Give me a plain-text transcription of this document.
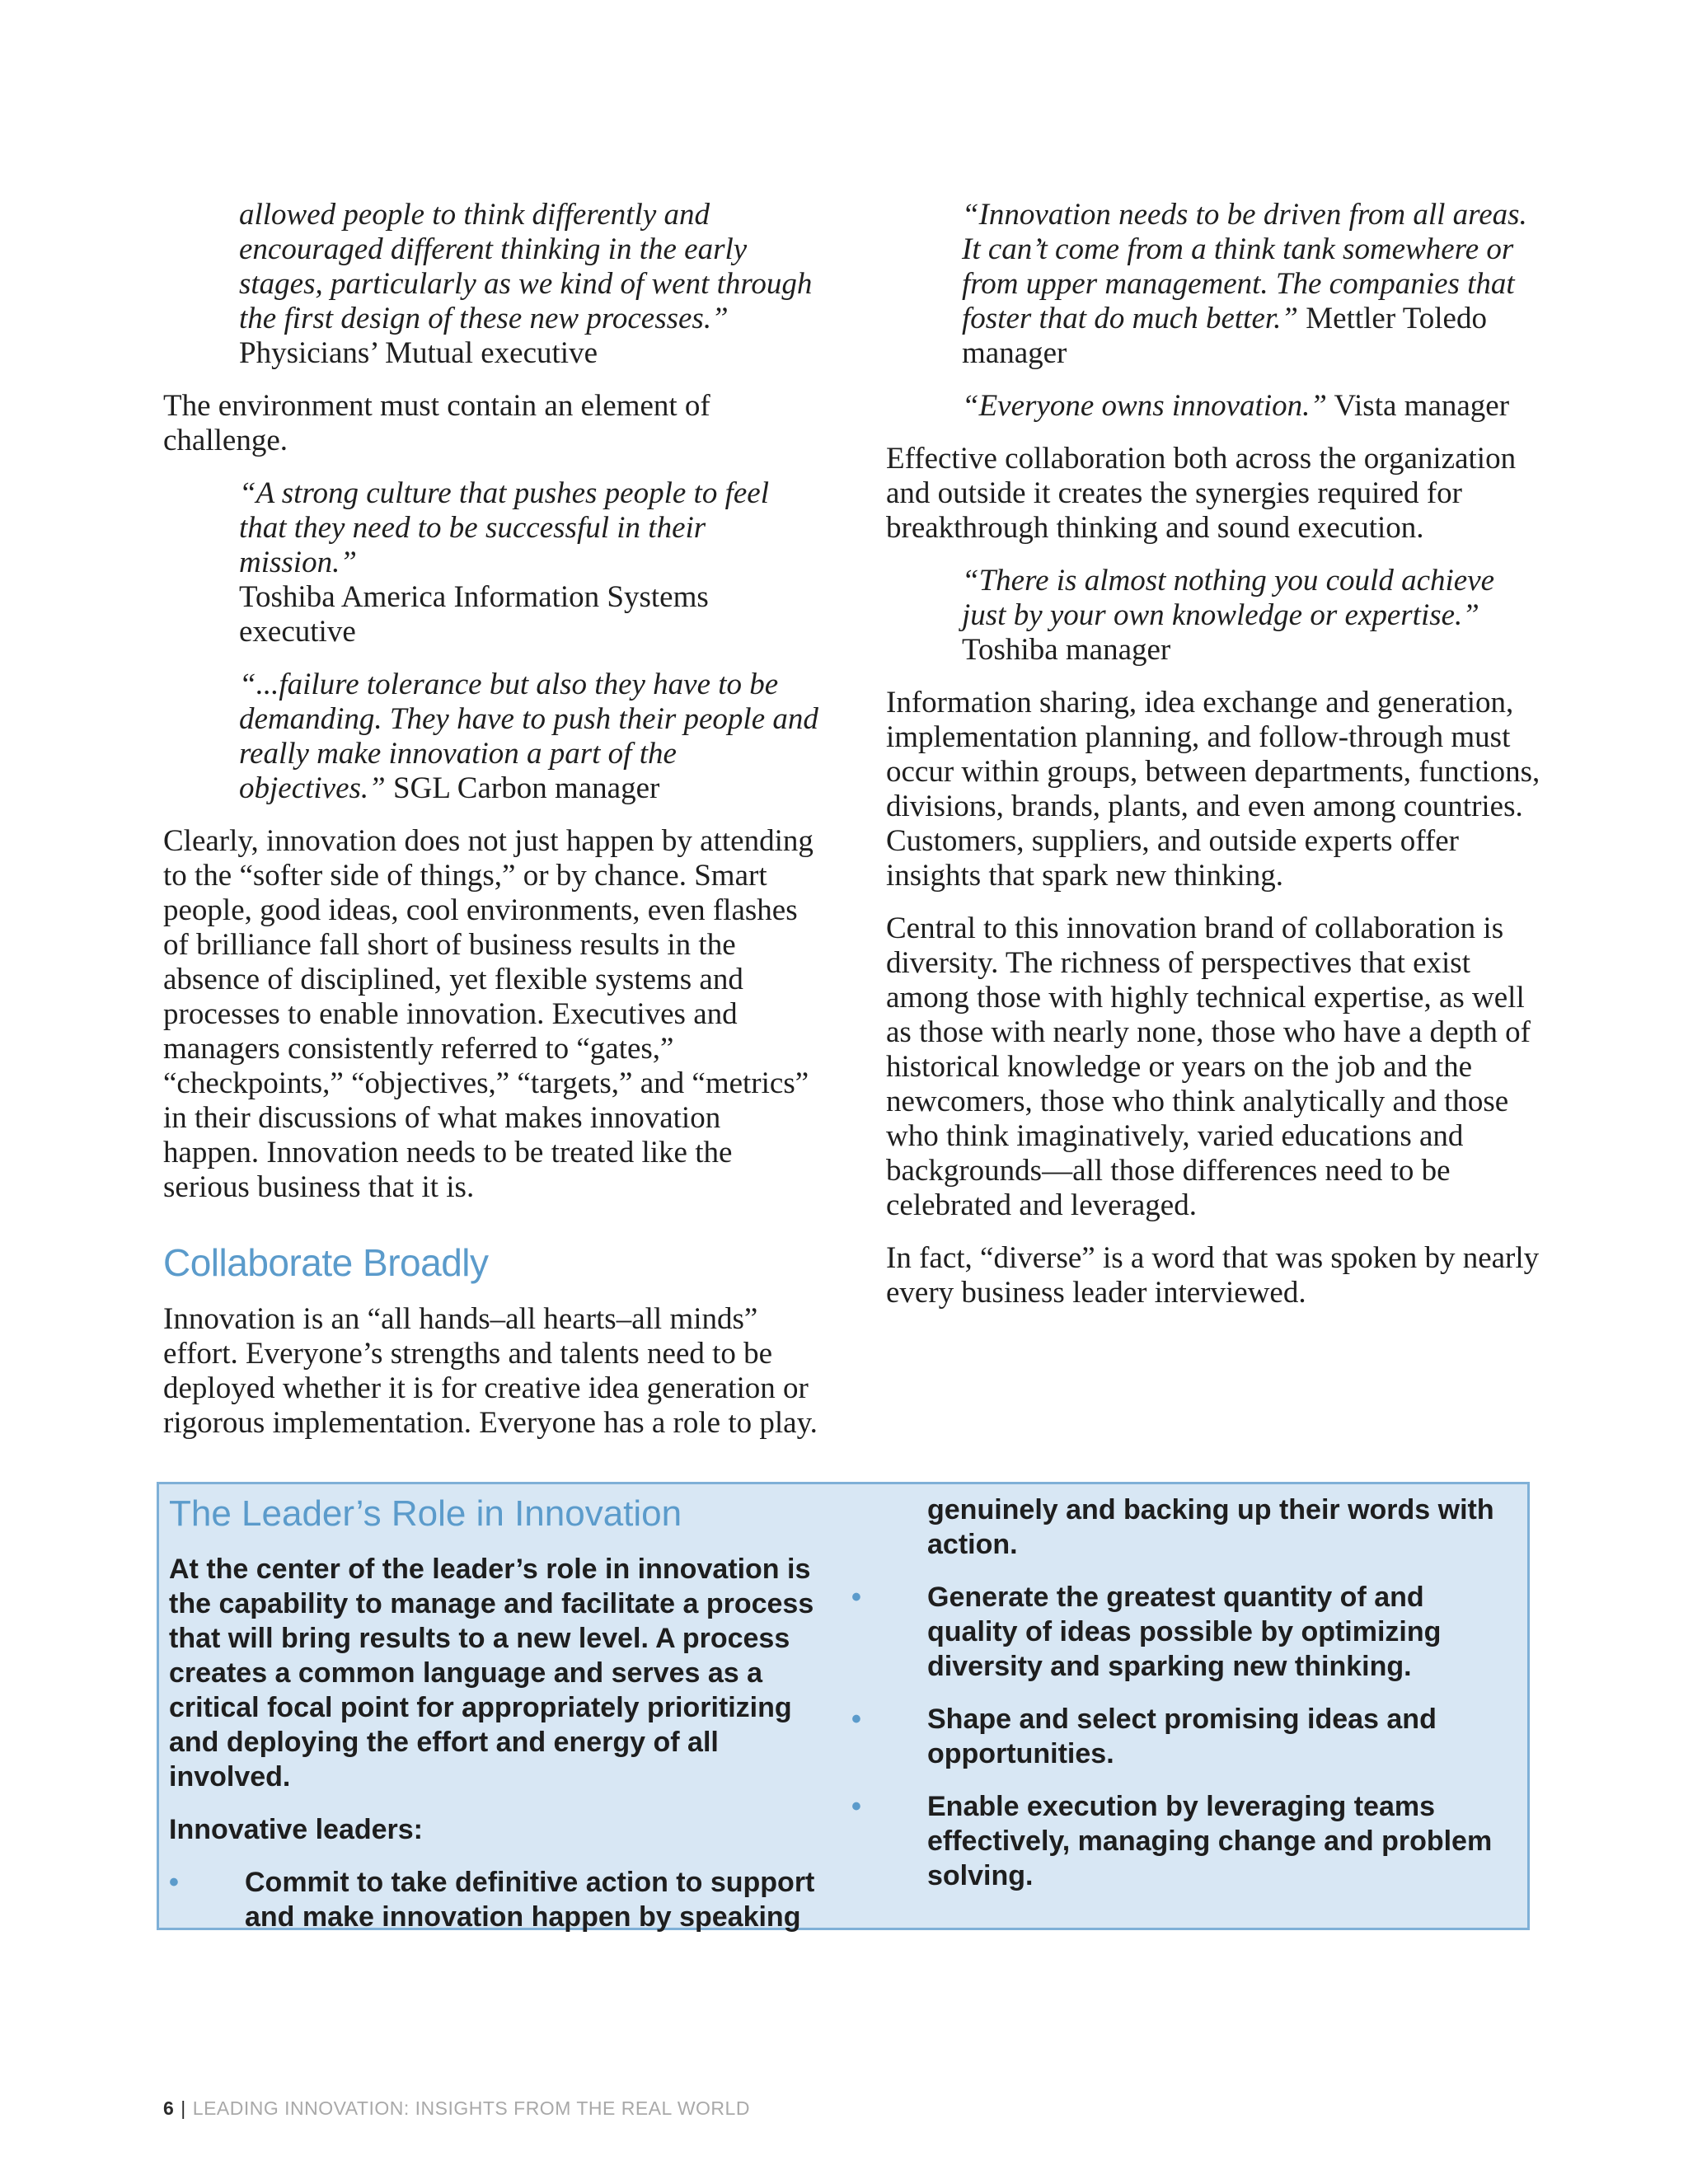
allowed people to think differently and encouraged different thinking in the early stages, particularly as we kind of went through the first design of these new processes.”
Physicians’ Mutual executive

The environment must contain an element of challenge.

“A strong culture that pushes people to feel that they need to be successful in their mission.”
Toshiba America Information Systems executive

“...failure tolerance but also they have to be demanding. They have to push their people and really make innovation a part of the objectives.” SGL Carbon manager

Clearly, innovation does not just happen by attending to the “softer side of things,” or by chance. Smart people, good ideas, cool environments, even flashes of brilliance fall short of business results in the absence of disciplined, yet flexible systems and processes to enable innovation. Executives and managers consistently referred to “gates,” “checkpoints,” “objectives,” “targets,” and “metrics” in their discussions of what makes innovation happen. Innovation needs to be treated like the serious business that it is.

Collaborate Broadly

Innovation is an “all hands–all hearts–all minds” effort. Everyone’s strengths and talents need to be deployed whether it is for creative idea generation or rigorous implementation. Everyone has a role to play.

“Innovation needs to be driven from all areas. It can’t come from a think tank somewhere or from upper management. The companies that foster that do much better.” Mettler Toledo manager

“Everyone owns innovation.” Vista manager

Effective collaboration both across the organization and outside it creates the synergies required for breakthrough thinking and sound execution.

“There is almost nothing you could achieve just by your own knowledge or expertise.” Toshiba manager

Information sharing, idea exchange and generation, implementation planning, and follow-through must occur within groups, between departments, functions, divisions, brands, plants, and even among countries. Customers, suppliers, and outside experts offer insights that spark new thinking.

Central to this innovation brand of collaboration is diversity. The richness of perspectives that exist among those with highly technical expertise, as well as those with nearly none, those who have a depth of historical knowledge or years on the job and the newcomers, those who think analytically and those who think imaginatively, varied educations and backgrounds—all those differences need to be celebrated and leveraged.

In fact, “diverse” is a word that was spoken by nearly every business leader interviewed.

The Leader’s Role in Innovation

At the center of the leader’s role in innovation is the capability to manage and facilitate a process that will bring results to a new level. A process creates a common language and serves as a critical focal point for appropriately prioritizing and deploying the effort and energy of all involved.

Innovative leaders:

• Commit to take definitive action to support and make innovation happen by speaking
genuinely and backing up their words with action.
• Generate the greatest quantity of and quality of ideas possible by optimizing diversity and sparking new thinking.
• Shape and select promising ideas and opportunities.
• Enable execution by leveraging teams effectively, managing change and problem solving.
6 | LEADING INNOVATION: INSIGHTS FROM THE REAL WORLD
